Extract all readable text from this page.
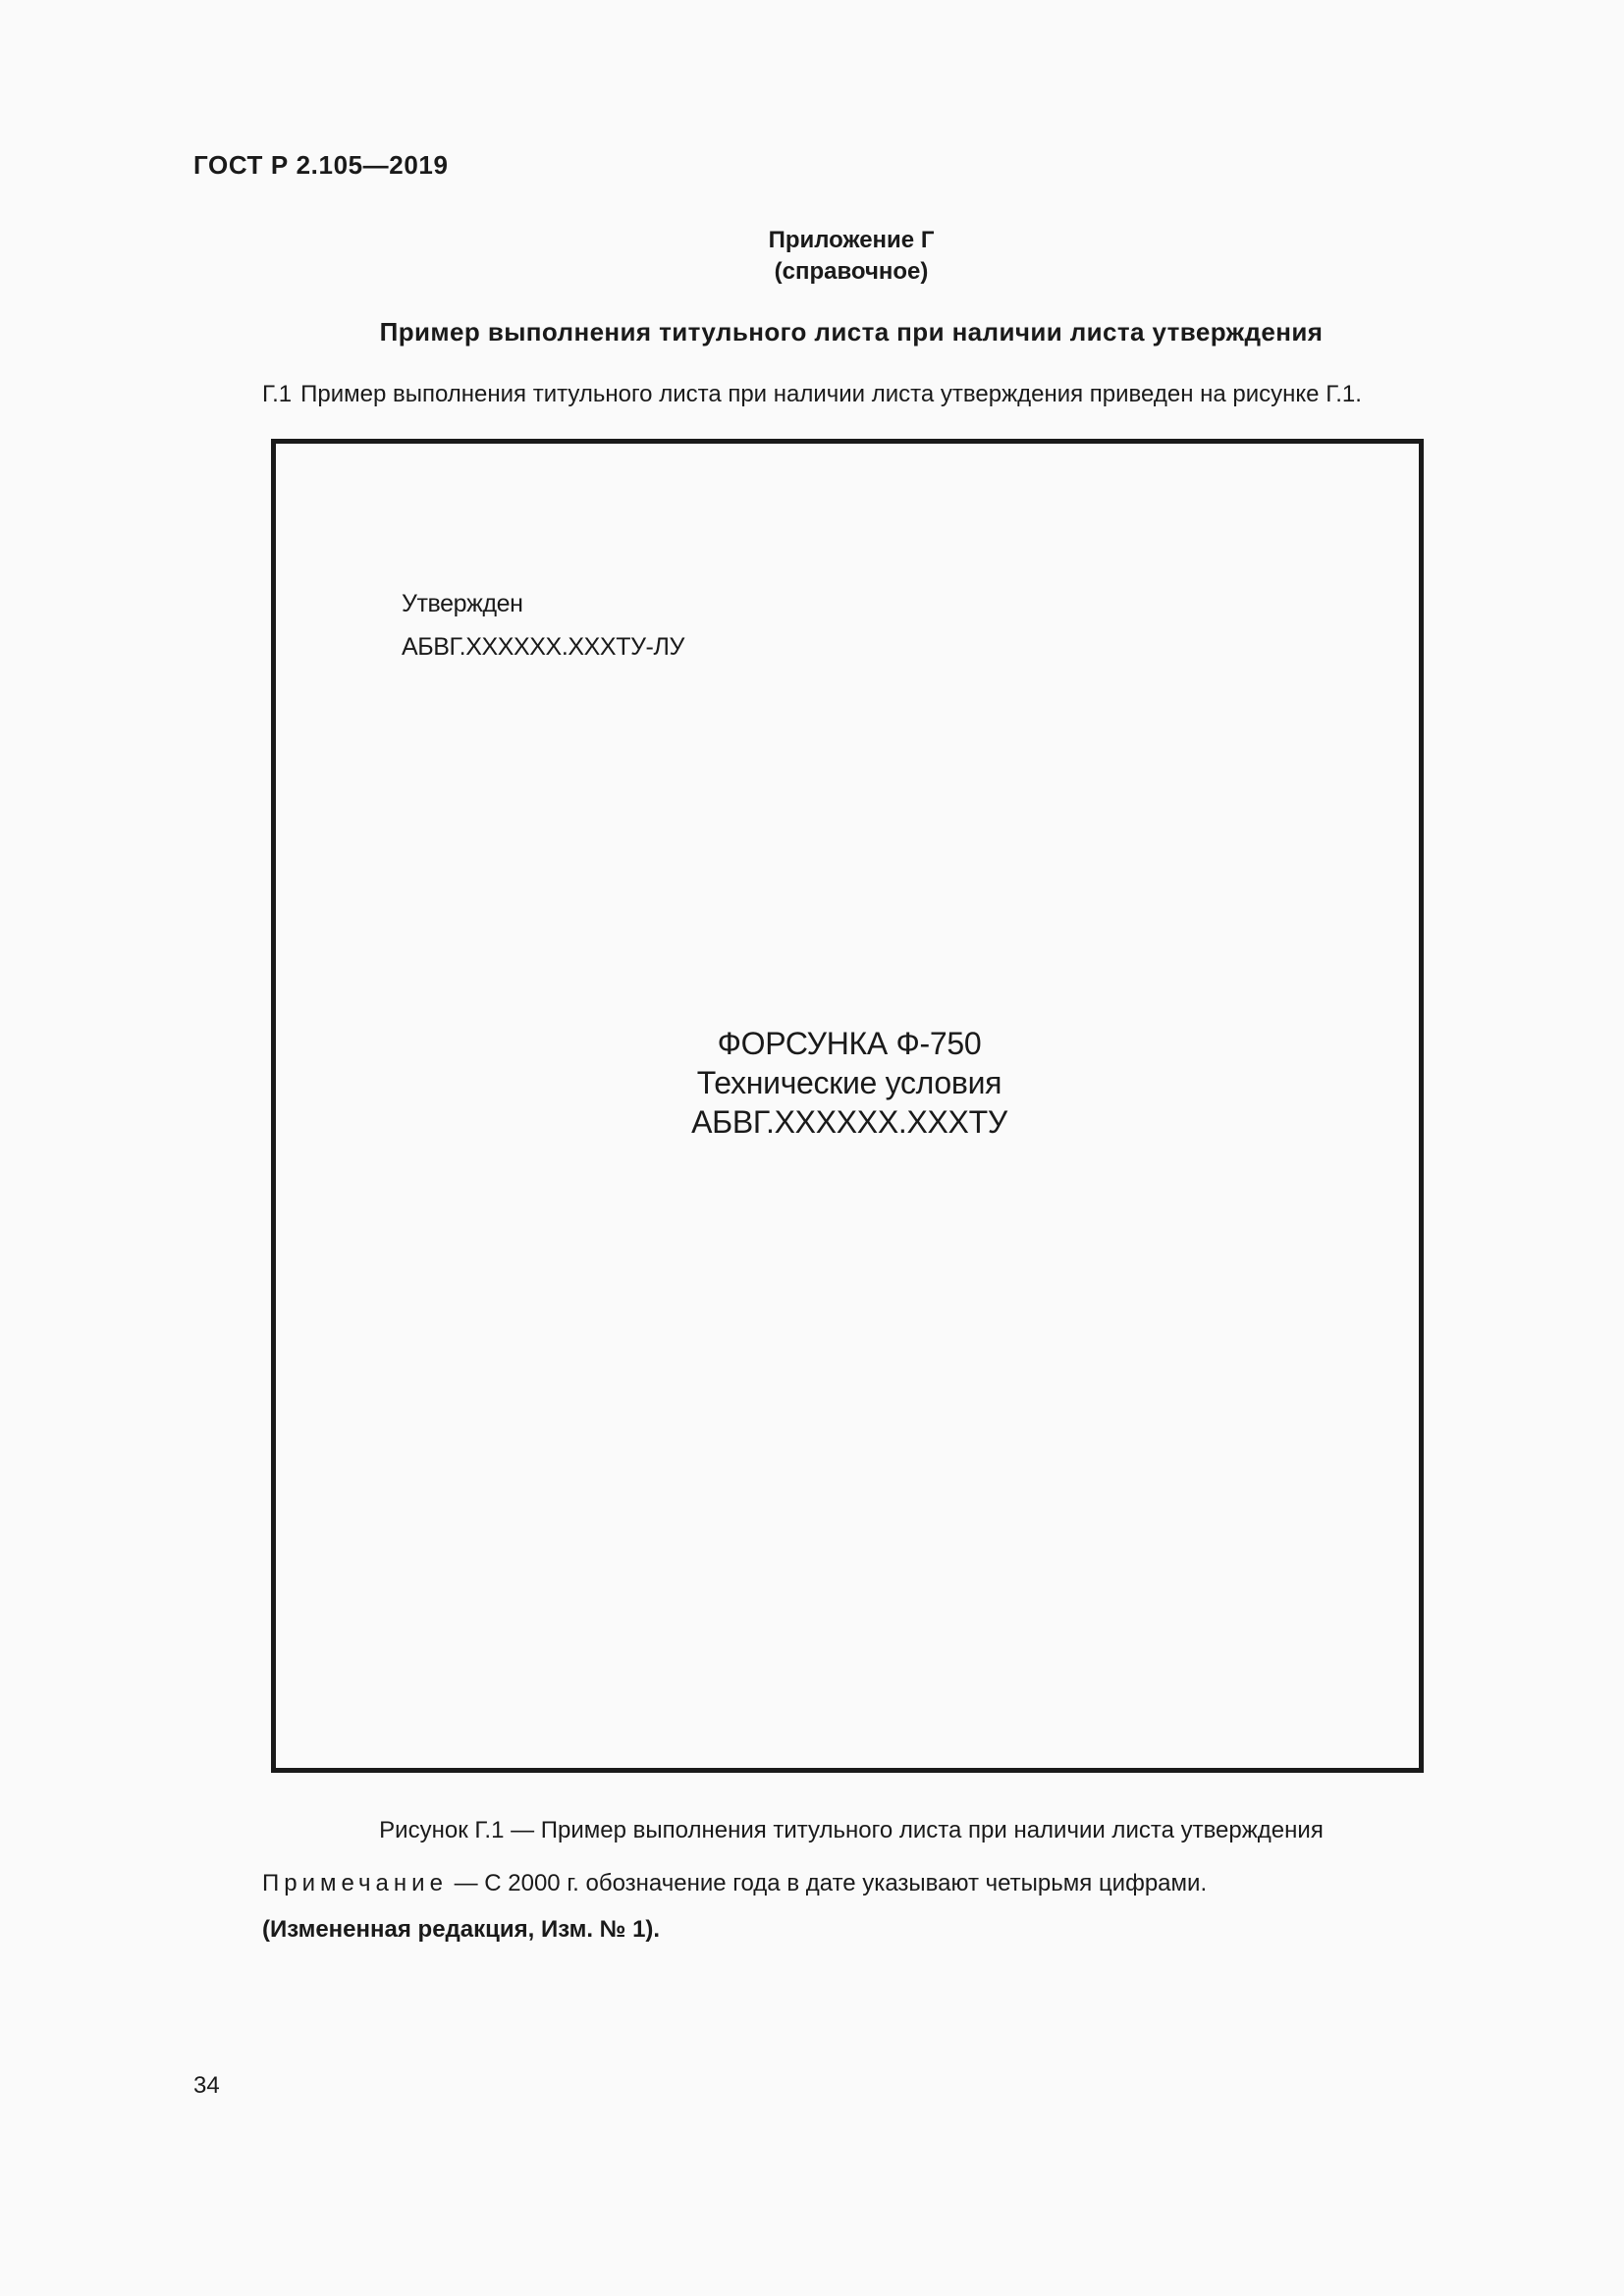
ГОСТ Р 2.105—2019
Приложение Г
(справочное)
Пример выполнения титульного листа при наличии листа утверждения
Г.1 Пример выполнения титульного листа при наличии листа утверждения приведен на рисунке Г.1.
Утвержден
АБВГ.XXXXXX.XXXТУ-ЛУ
ФОРСУНКА Ф-750
Технические условия
АБВГ.XXXXXX.XXXТУ
Рисунок Г.1 — Пример выполнения титульного листа при наличии листа утверждения
Примечание — С 2000 г. обозначение года в дате указывают четырьмя цифрами.
(Измененная редакция, Изм. № 1).
34
